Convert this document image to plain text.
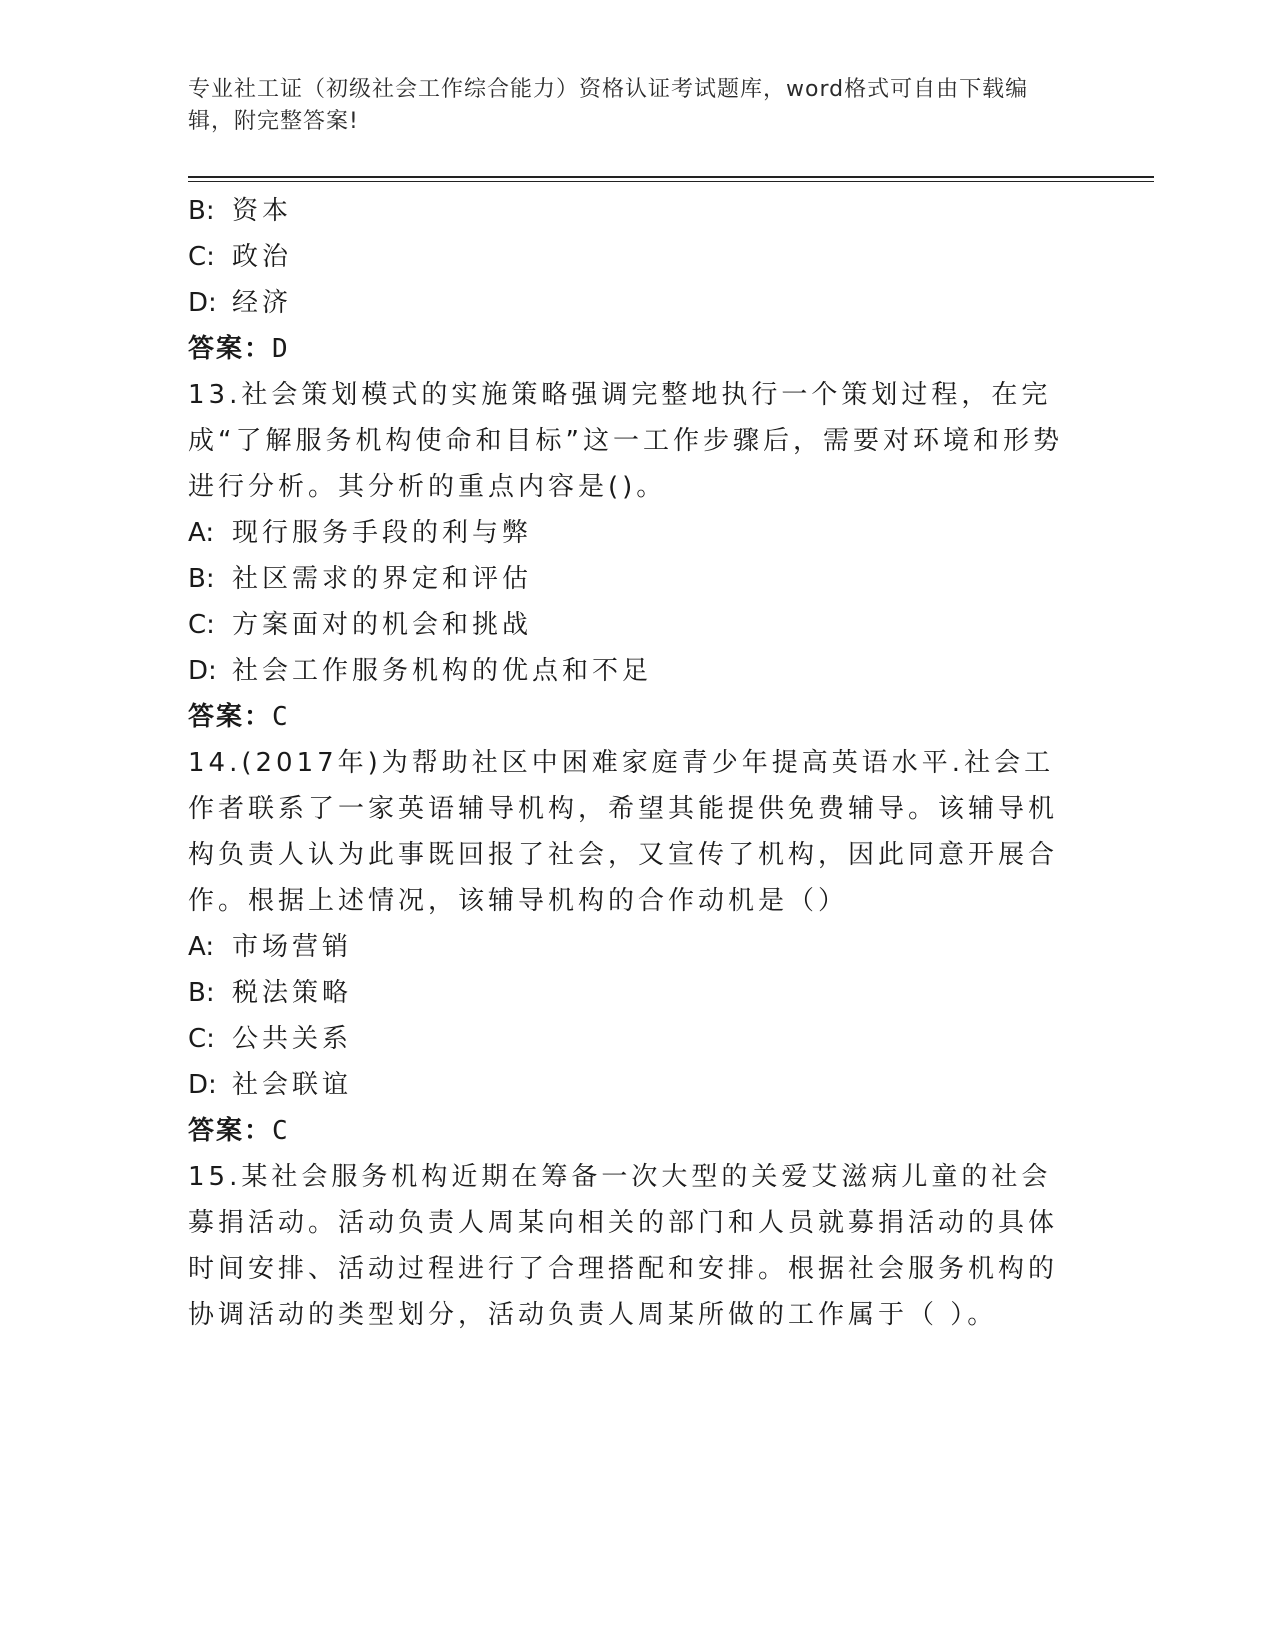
专业社工证（初级社会工作综合能力）资格认证考试题库，word格式可自由下载编辑，附完整答案!
B: 资本
C: 政治
D: 经济
答案：D
13.社会策划模式的实施策略强调完整地执行一个策划过程，在完成“了解服务机构使命和目标”这一工作步骤后，需要对环境和形势进行分析。其分析的重点内容是()。
A: 现行服务手段的利与弊
B: 社区需求的界定和评估
C: 方案面对的机会和挑战
D: 社会工作服务机构的优点和不足
答案：C
14.(2017年)为帮助社区中困难家庭青少年提高英语水平.社会工作者联系了一家英语辅导机构，希望其能提供免费辅导。该辅导机构负责人认为此事既回报了社会，又宣传了机构，因此同意开展合作。根据上述情况，该辅导机构的合作动机是（）
A: 市场营销
B: 税法策略
C: 公共关系
D: 社会联谊
答案：C
15.某社会服务机构近期在筹备一次大型的关爱艾滋病儿童的社会募捐活动。活动负责人周某向相关的部门和人员就募捐活动的具体时间安排、活动过程进行了合理搭配和安排。根据社会服务机构的协调活动的类型划分，活动负责人周某所做的工作属于（ ）。
